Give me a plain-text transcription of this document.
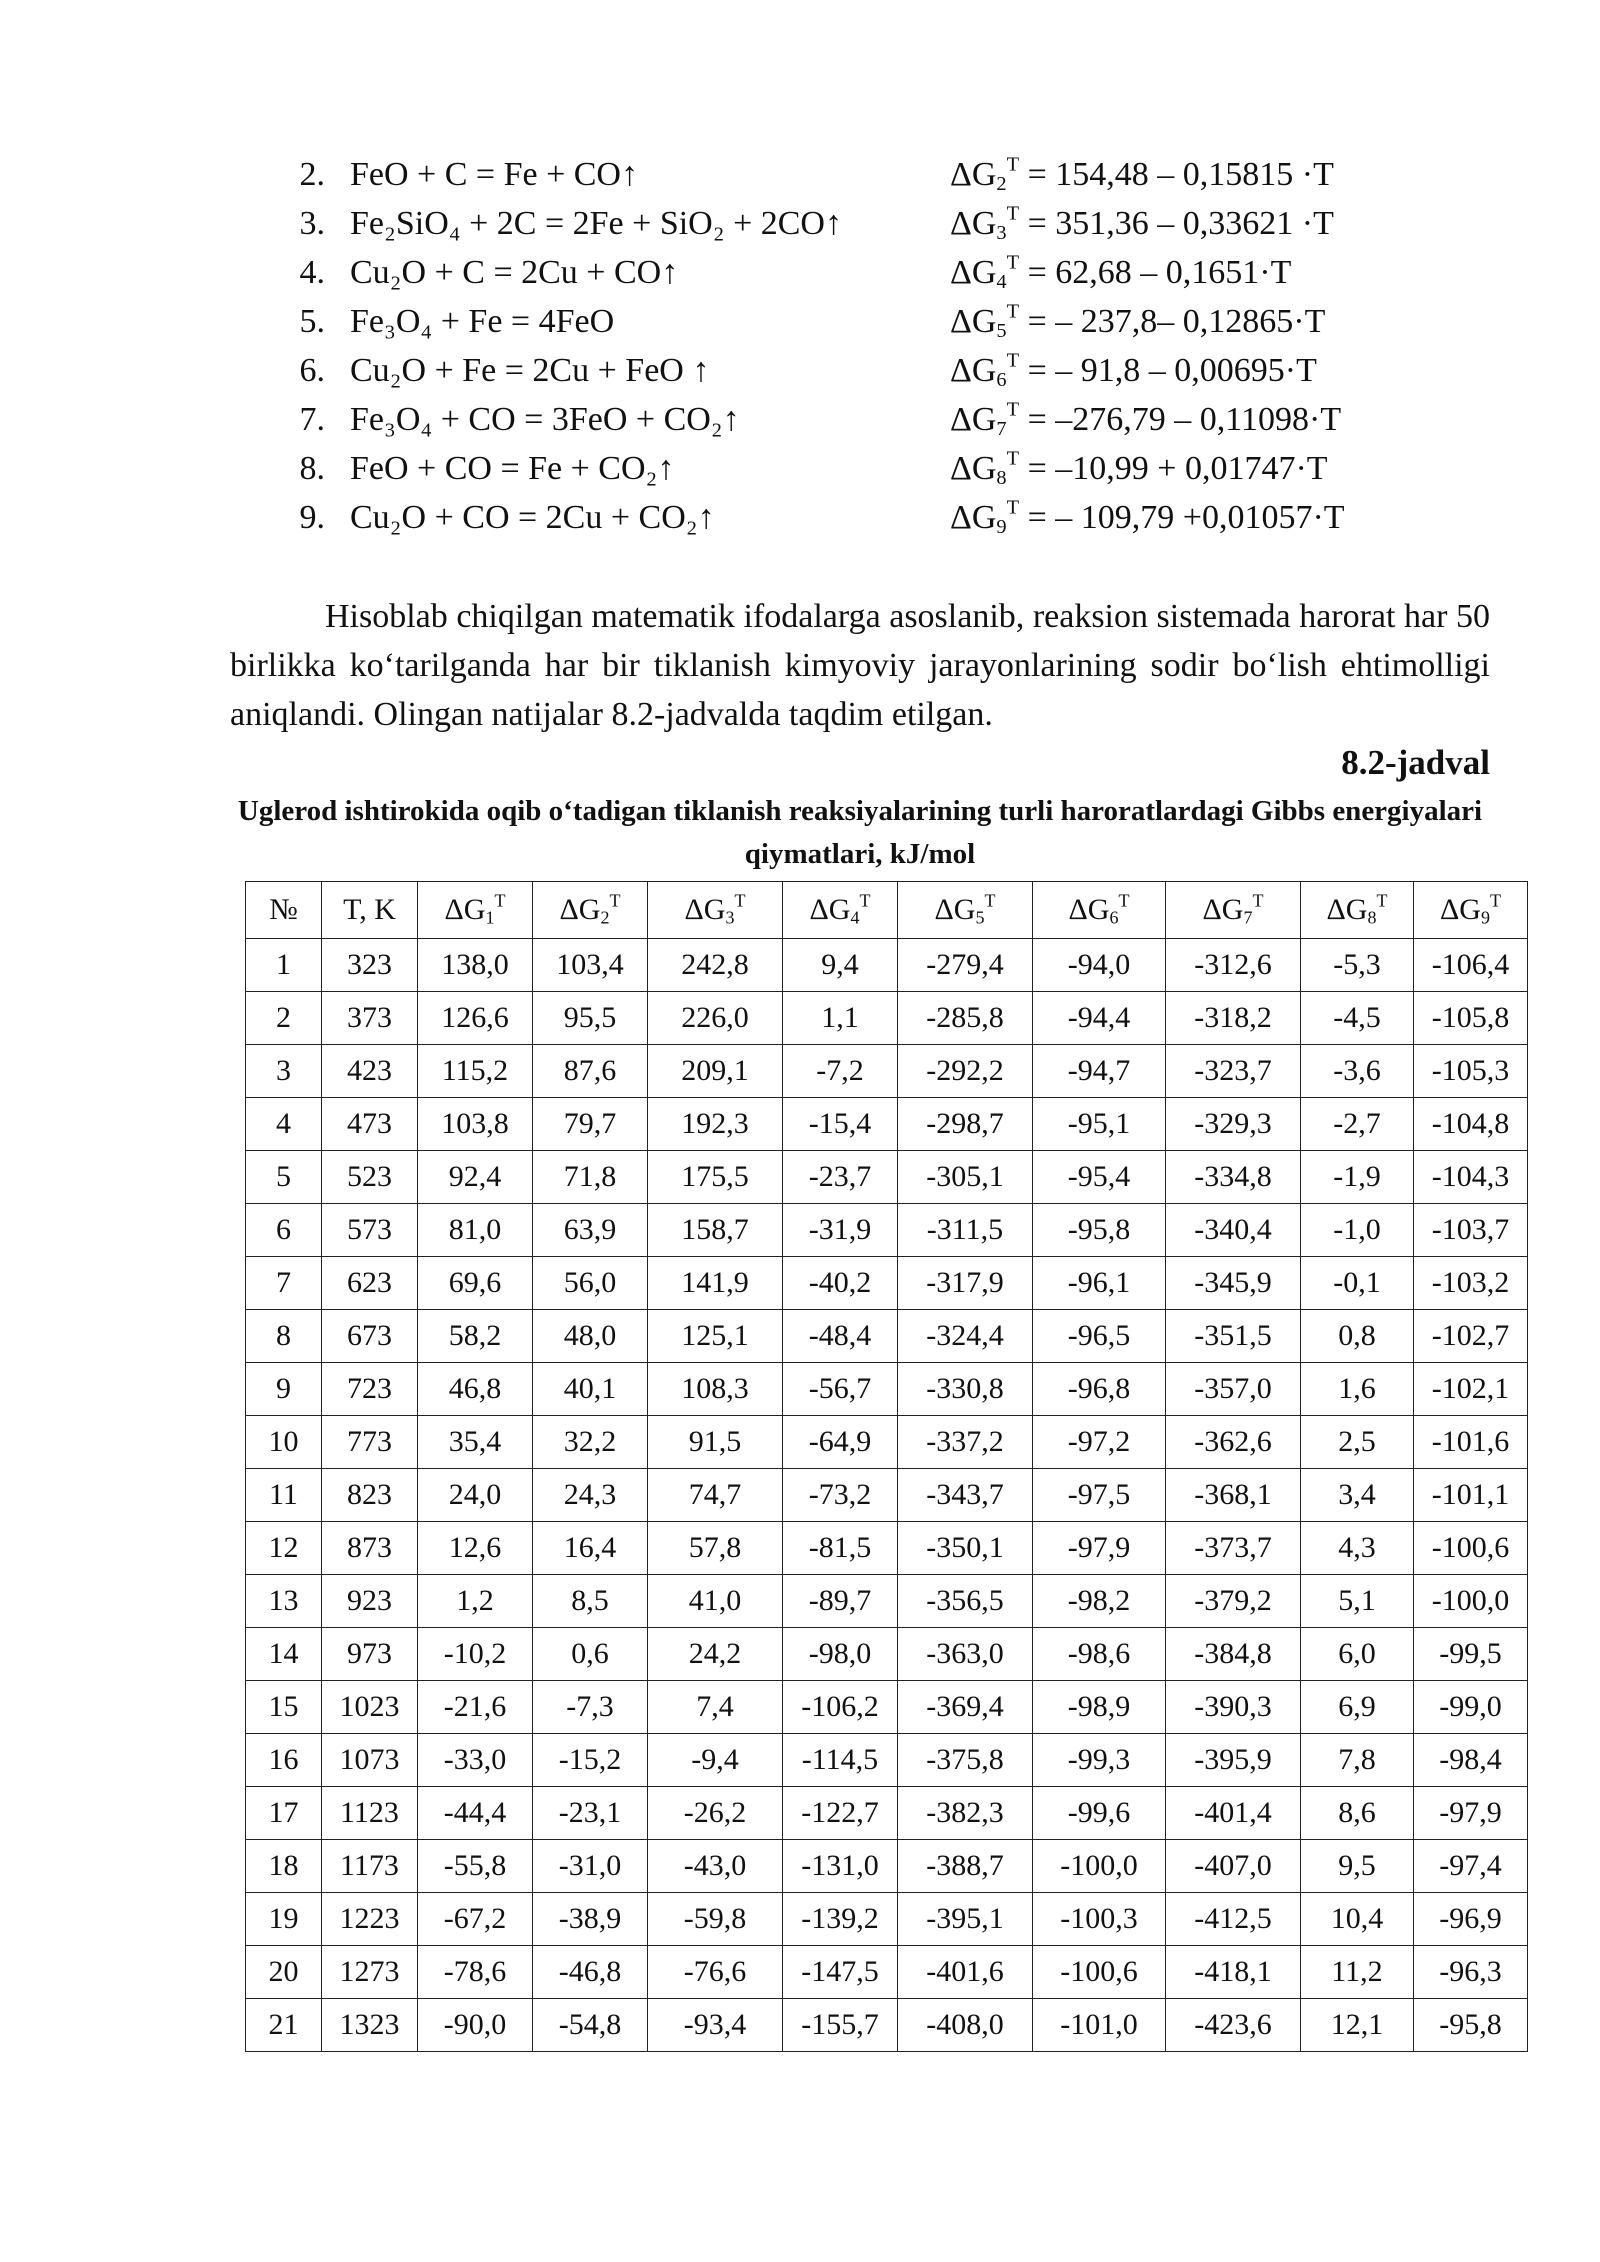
2. FeO + C = Fe + CO↑	$\Delta G_2^T = 154,48 - 0,15815 \cdot T$
3. Fe₂SiO₄ + 2C = 2Fe + SiO₂ + 2CO↑	$\Delta G_3^T = 351,36 - 0,33621 \cdot T$
4. Cu₂O + C = 2Cu + CO↑	$\Delta G_4^T = 62,68 - 0,1651\cdot T$
5. Fe₃O₄ + Fe = 4FeO	$\Delta G_5^T$ = – 237,8– 0,12865·T
6. Cu₂O + Fe = 2Cu + FeO ↑	$\Delta G_6^T$ = – 91,8 – 0,00695·T
7. Fe₃O₄ + CO = 3FeO + CO₂↑	$\Delta G_7^T = -276,79 - 0,11098\cdot T$
8. FeO + CO = Fe + CO₂↑	$\Delta G_8^T = -10,99 + 0,01747\cdot T$
9. Cu₂O + CO = 2Cu + CO₂↑	$\Delta G_9^T$ = – 109,79 +0,01057·T

Hisoblab chiqilgan matematik ifodalarga asoslanib, reaksion sistemada harorat har 50 birlikka ko‘tarilganda har bir tiklanish kimyoviy jarayonlarining sodir bo‘lish ehtimolligi aniqlandi. Olingan natijalar 8.2-jadvalda taqdim etilgan.

8.2-jadval
Uglerod ishtirokida oqib o‘tadigan tiklanish reaksiyalarining turli haroratlardagi Gibbs energiyalari qiymatlari, kJ/mol
№	T, K	$\Delta G_1^T$	$\Delta G_2^T$	$\Delta G_3^T$	$\Delta G_4^T$	$\Delta G_5^T$	$\Delta G_6^T$	$\Delta G_7^T$	$\Delta G_8^T$	$\Delta G_9^T$
1	323	138,0	103,4	242,8	9,4	-279,4	-94,0	-312,6	-5,3	-106,4
2	373	126,6	95,5	226,0	1,1	-285,8	-94,4	-318,2	-4,5	-105,8
3	423	115,2	87,6	209,1	-7,2	-292,2	-94,7	-323,7	-3,6	-105,3
4	473	103,8	79,7	192,3	-15,4	-298,7	-95,1	-329,3	-2,7	-104,8
5	523	92,4	71,8	175,5	-23,7	-305,1	-95,4	-334,8	-1,9	-104,3
6	573	81,0	63,9	158,7	-31,9	-311,5	-95,8	-340,4	-1,0	-103,7
7	623	69,6	56,0	141,9	-40,2	-317,9	-96,1	-345,9	-0,1	-103,2
8	673	58,2	48,0	125,1	-48,4	-324,4	-96,5	-351,5	0,8	-102,7
9	723	46,8	40,1	108,3	-56,7	-330,8	-96,8	-357,0	1,6	-102,1
10	773	35,4	32,2	91,5	-64,9	-337,2	-97,2	-362,6	2,5	-101,6
11	823	24,0	24,3	74,7	-73,2	-343,7	-97,5	-368,1	3,4	-101,1
12	873	12,6	16,4	57,8	-81,5	-350,1	-97,9	-373,7	4,3	-100,6
13	923	1,2	8,5	41,0	-89,7	-356,5	-98,2	-379,2	5,1	-100,0
14	973	-10,2	0,6	24,2	-98,0	-363,0	-98,6	-384,8	6,0	-99,5
15	1023	-21,6	-7,3	7,4	-106,2	-369,4	-98,9	-390,3	6,9	-99,0
16	1073	-33,0	-15,2	-9,4	-114,5	-375,8	-99,3	-395,9	7,8	-98,4
17	1123	-44,4	-23,1	-26,2	-122,7	-382,3	-99,6	-401,4	8,6	-97,9
18	1173	-55,8	-31,0	-43,0	-131,0	-388,7	-100,0	-407,0	9,5	-97,4
19	1223	-67,2	-38,9	-59,8	-139,2	-395,1	-100,3	-412,5	10,4	-96,9
20	1273	-78,6	-46,8	-76,6	-147,5	-401,6	-100,6	-418,1	11,2	-96,3
21	1323	-90,0	-54,8	-93,4	-155,7	-408,0	-101,0	-423,6	12,1	-95,8
